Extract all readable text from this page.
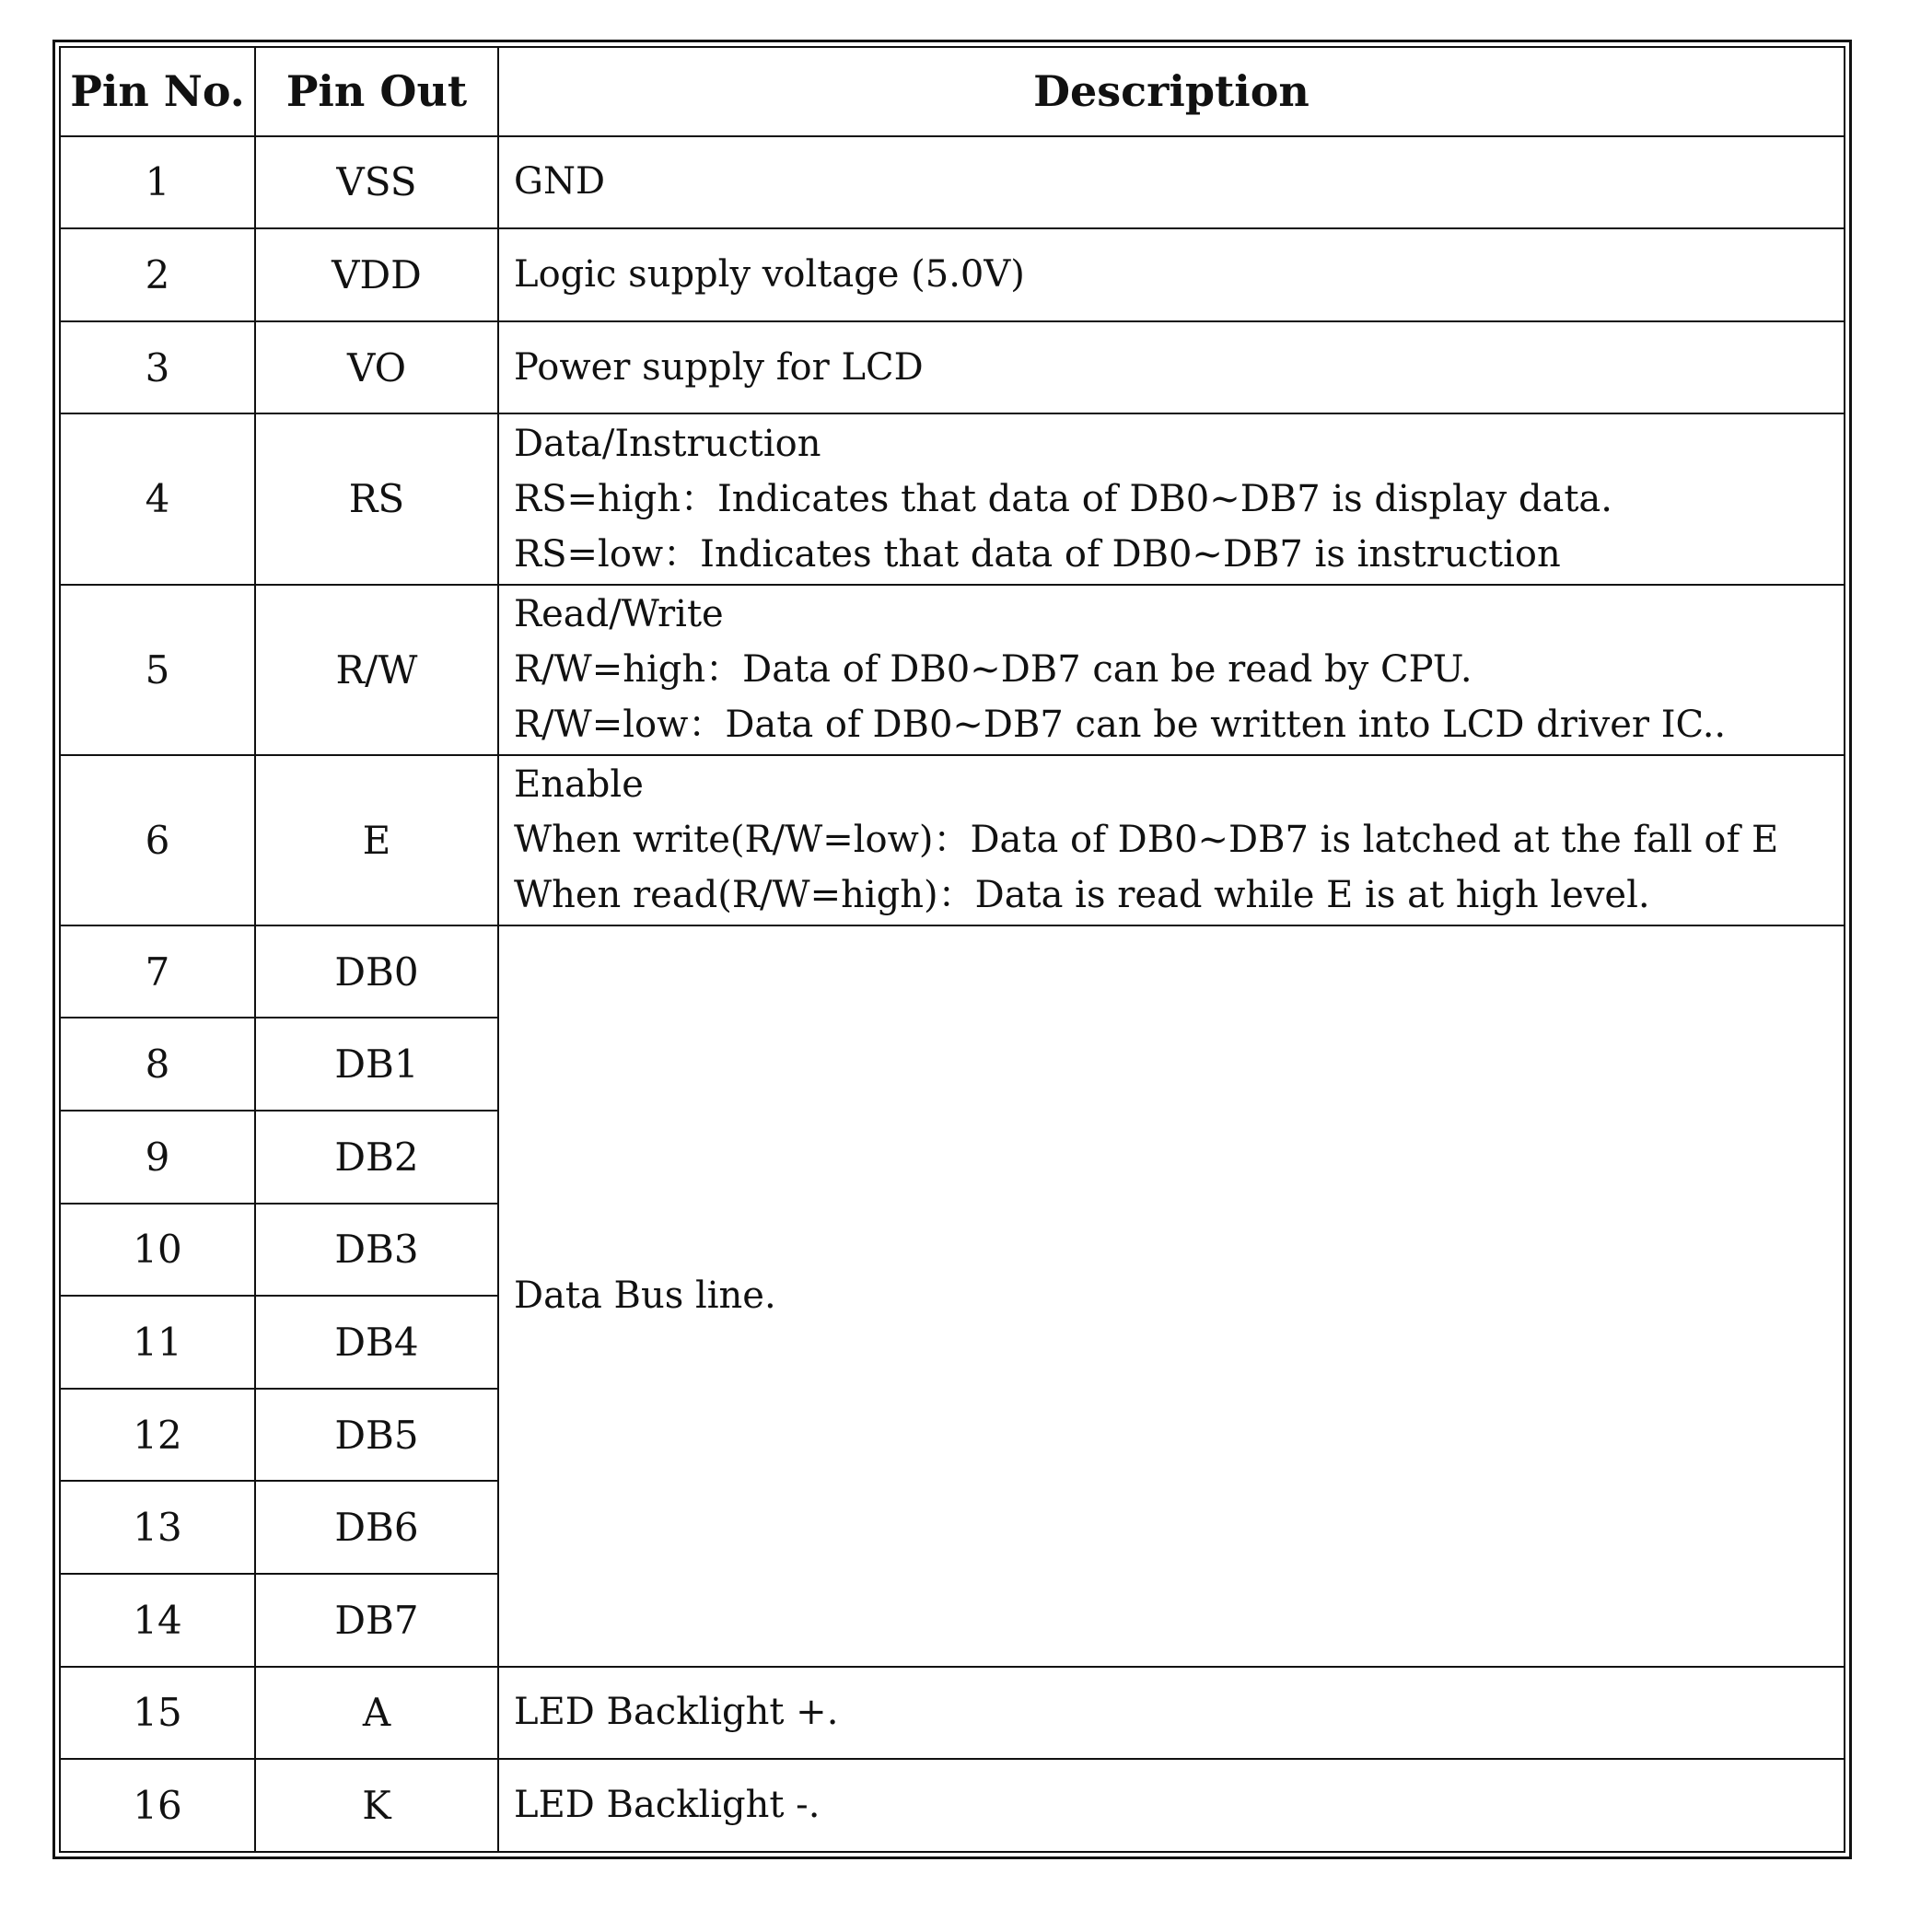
Pin No.	Pin Out	Description
1	VSS	GND

2	VDD	Logic supply voltage (5.0V)

3	VO	Power supply for LCD

4	RS	Data/Instruction
RS=high：Indicates that data of DB0~DB7 is display data.
RS=low：Indicates that data of DB0~DB7 is instruction

5	R/W	Read/Write
R/W=high：Data of DB0~DB7 can be read by CPU.
R/W=low：Data of DB0~DB7 can be written into LCD driver IC..

6	E	Enable
When write(R/W=low)：Data of DB0~DB7 is latched at the fall of E
When read(R/W=high)：Data is read while E is at high level.

7	DB0	Data Bus line.

8	DB1	
9	DB2	
10	DB3	
11	DB4	
12	DB5	
13	DB6	
14	DB7	
15	A	LED Backlight +.

16	K	LED Backlight -.
